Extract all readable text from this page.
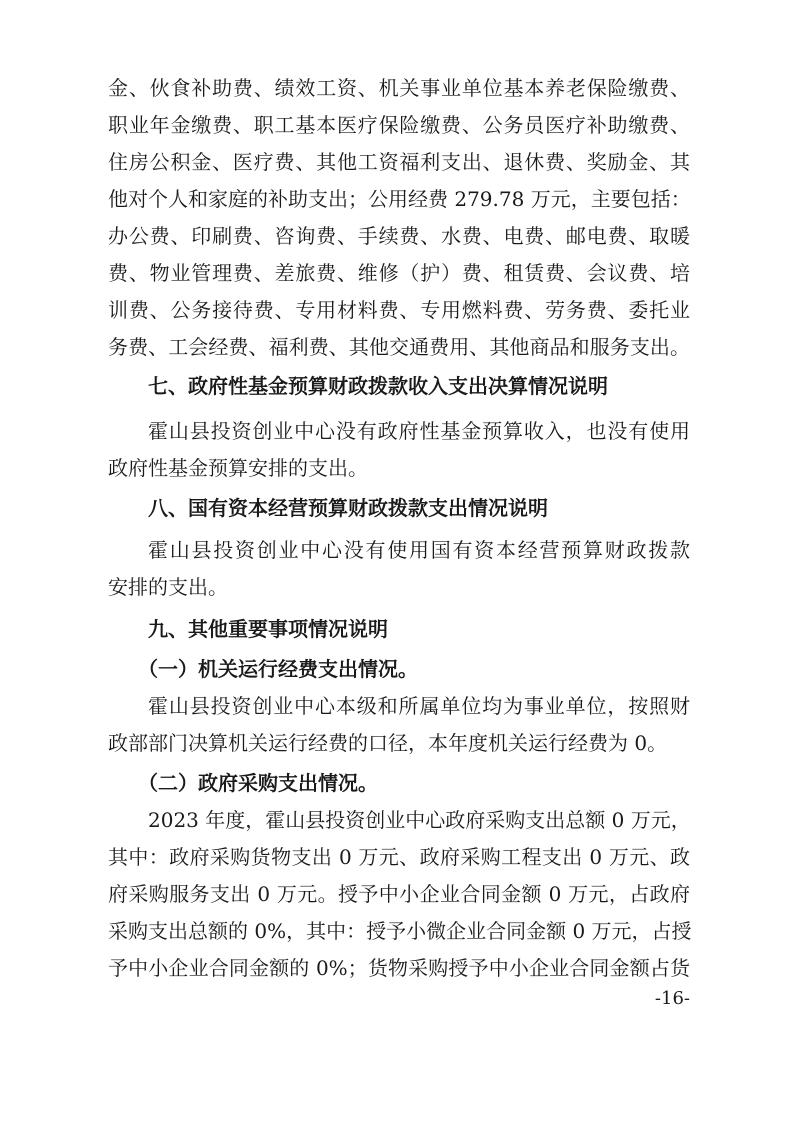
金、伙食补助费、绩效工资、机关事业单位基本养老保险缴费、
职业年金缴费、职工基本医疗保险缴费、公务员医疗补助缴费、
住房公积金、医疗费、其他工资福利支出、退休费、奖励金、其
他对个人和家庭的补助支出；公用经费 279.78 万元，主要包括：
办公费、印刷费、咨询费、手续费、水费、电费、邮电费、取暖
费、物业管理费、差旅费、维修（护）费、租赁费、会议费、培
训费、公务接待费、专用材料费、专用燃料费、劳务费、委托业
务费、工会经费、福利费、其他交通费用、其他商品和服务支出。
七、政府性基金预算财政拨款收入支出决算情况说明
霍山县投资创业中心没有政府性基金预算收入，也没有使用
政府性基金预算安排的支出。
八、国有资本经营预算财政拨款支出情况说明
霍山县投资创业中心没有使用国有资本经营预算财政拨款
安排的支出。
九、其他重要事项情况说明
（一）机关运行经费支出情况。
霍山县投资创业中心本级和所属单位均为事业单位，按照财
政部部门决算机关运行经费的口径，本年度机关运行经费为 0。
（二）政府采购支出情况。
2023 年度，霍山县投资创业中心政府采购支出总额 0 万元，
其中：政府采购货物支出 0 万元、政府采购工程支出 0 万元、政
府采购服务支出 0 万元。授予中小企业合同金额 0 万元，占政府
采购支出总额的 0%，其中：授予小微企业合同金额 0 万元，占授
予中小企业合同金额的 0%；货物采购授予中小企业合同金额占货
-16-
